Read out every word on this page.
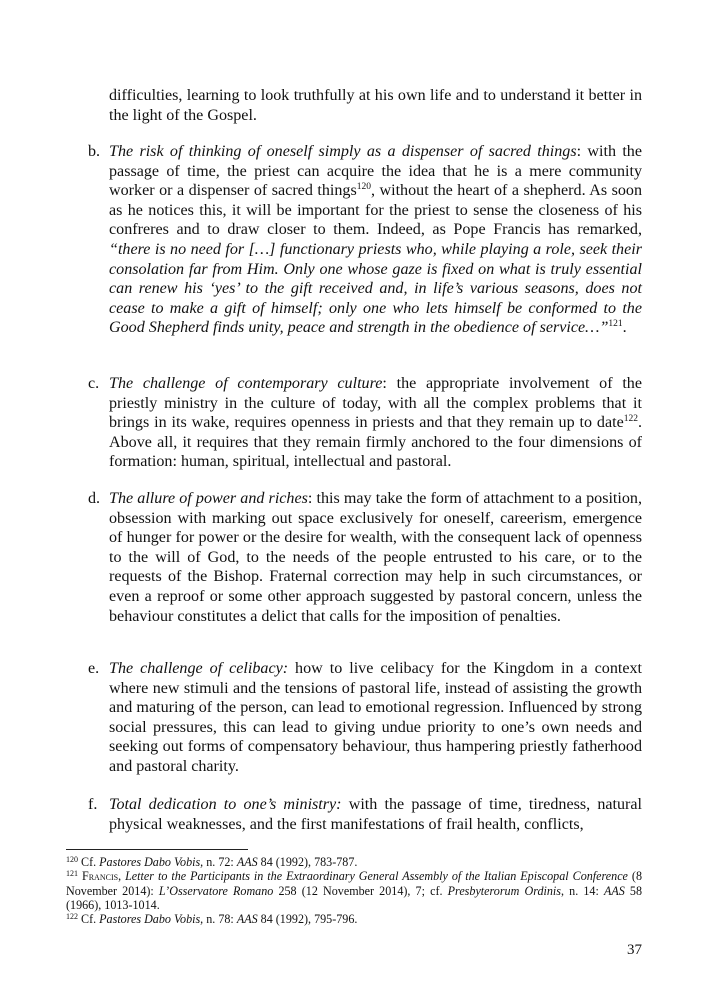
difficulties, learning to look truthfully at his own life and to understand it better in the light of the Gospel.

b. The risk of thinking of oneself simply as a dispenser of sacred things: with the passage of time, the priest can acquire the idea that he is a mere community worker or a dispenser of sacred things$^{120}$, without the heart of a shepherd. As soon as he notices this, it will be important for the priest to sense the closeness of his confreres and to draw closer to them. Indeed, as Pope Francis has remarked, “there is no need for […] functionary priests who, while playing a role, seek their consolation far from Him. Only one whose gaze is fixed on what is truly essential can renew his ‘yes’ to the gift received and, in life’s various seasons, does not cease to make a gift of himself; only one who lets himself be conformed to the Good Shepherd finds unity, peace and strength in the obedience of service…”$^{121}$.

c. The challenge of contemporary culture: the appropriate involvement of the priestly ministry in the culture of today, with all the complex problems that it brings in its wake, requires openness in priests and that they remain up to date$^{122}$. Above all, it requires that they remain firmly anchored to the four dimensions of formation: human, spiritual, intellectual and pastoral.

d. The allure of power and riches: this may take the form of attachment to a position, obsession with marking out space exclusively for oneself, careerism, emergence of hunger for power or the desire for wealth, with the consequent lack of openness to the will of God, to the needs of the people entrusted to his care, or to the requests of the Bishop. Fraternal correction may help in such circumstances, or even a reproof or some other approach suggested by pastoral concern, unless the behaviour constitutes a delict that calls for the imposition of penalties.

e. The challenge of celibacy: how to live celibacy for the Kingdom in a context where new stimuli and the tensions of pastoral life, instead of assisting the growth and maturing of the person, can lead to emotional regression. Influenced by strong social pressures, this can lead to giving undue priority to one’s own needs and seeking out forms of compensatory behaviour, thus hampering priestly fatherhood and pastoral charity.

f. Total dedication to one’s ministry: with the passage of time, tiredness, natural physical weaknesses, and the first manifestations of frail health, conflicts,

$^{120}$ Cf. Pastores Dabo Vobis, n. 72: AAS 84 (1992), 783-787.

$^{121}$ Francis, Letter to the Participants in the Extraordinary General Assembly of the Italian Episcopal Conference (8 November 2014): L’Osservatore Romano 258 (12 November 2014), 7; cf. Presbyterorum Ordinis, n. 14: AAS 58 (1966), 1013-1014.

$^{122}$ Cf. Pastores Dabo Vobis, n. 78: AAS 84 (1992), 795-796.

37
